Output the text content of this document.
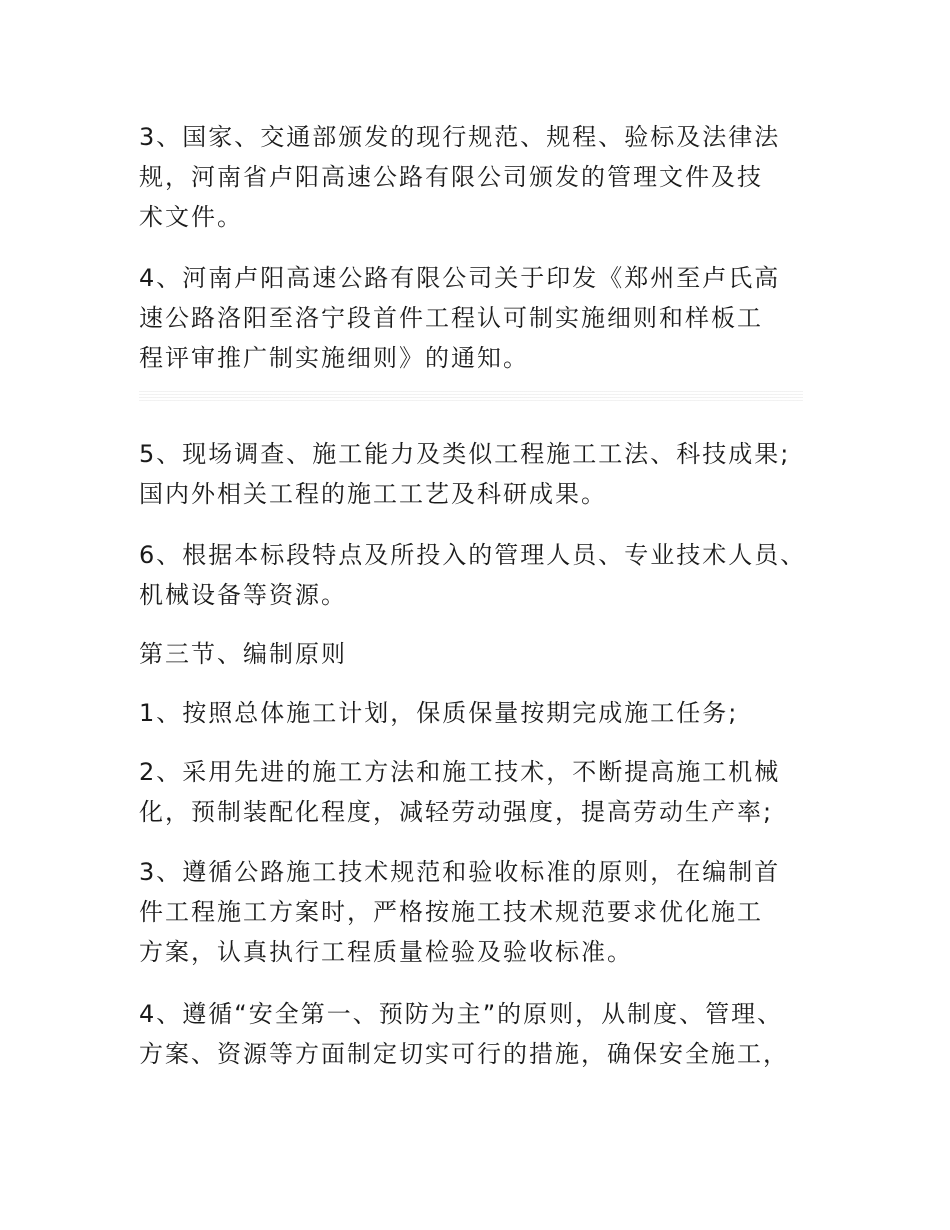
3、国家、交通部颁发的现行规范、规程、验标及法律法
规，河南省卢阳高速公路有限公司颁发的管理文件及技
术文件。

4、河南卢阳高速公路有限公司关于印发《郑州至卢氏高
速公路洛阳至洛宁段首件工程认可制实施细则和样板工
程评审推广制实施细则》的通知。

5、现场调查、施工能力及类似工程施工工法、科技成果;
国内外相关工程的施工工艺及科研成果。

6、根据本标段特点及所投入的管理人员、专业技术人员、
机械设备等资源。

第三节、编制原则

1、按照总体施工计划，保质保量按期完成施工任务;

2、采用先进的施工方法和施工技术，不断提高施工机械
化，预制装配化程度，减轻劳动强度，提高劳动生产率;

3、遵循公路施工技术规范和验收标准的原则，在编制首
件工程施工方案时，严格按施工技术规范要求优化施工
方案，认真执行工程质量检验及验收标准。

4、遵循“安全第一、预防为主”的原则，从制度、管理、
方案、资源等方面制定切实可行的措施，确保安全施工，
